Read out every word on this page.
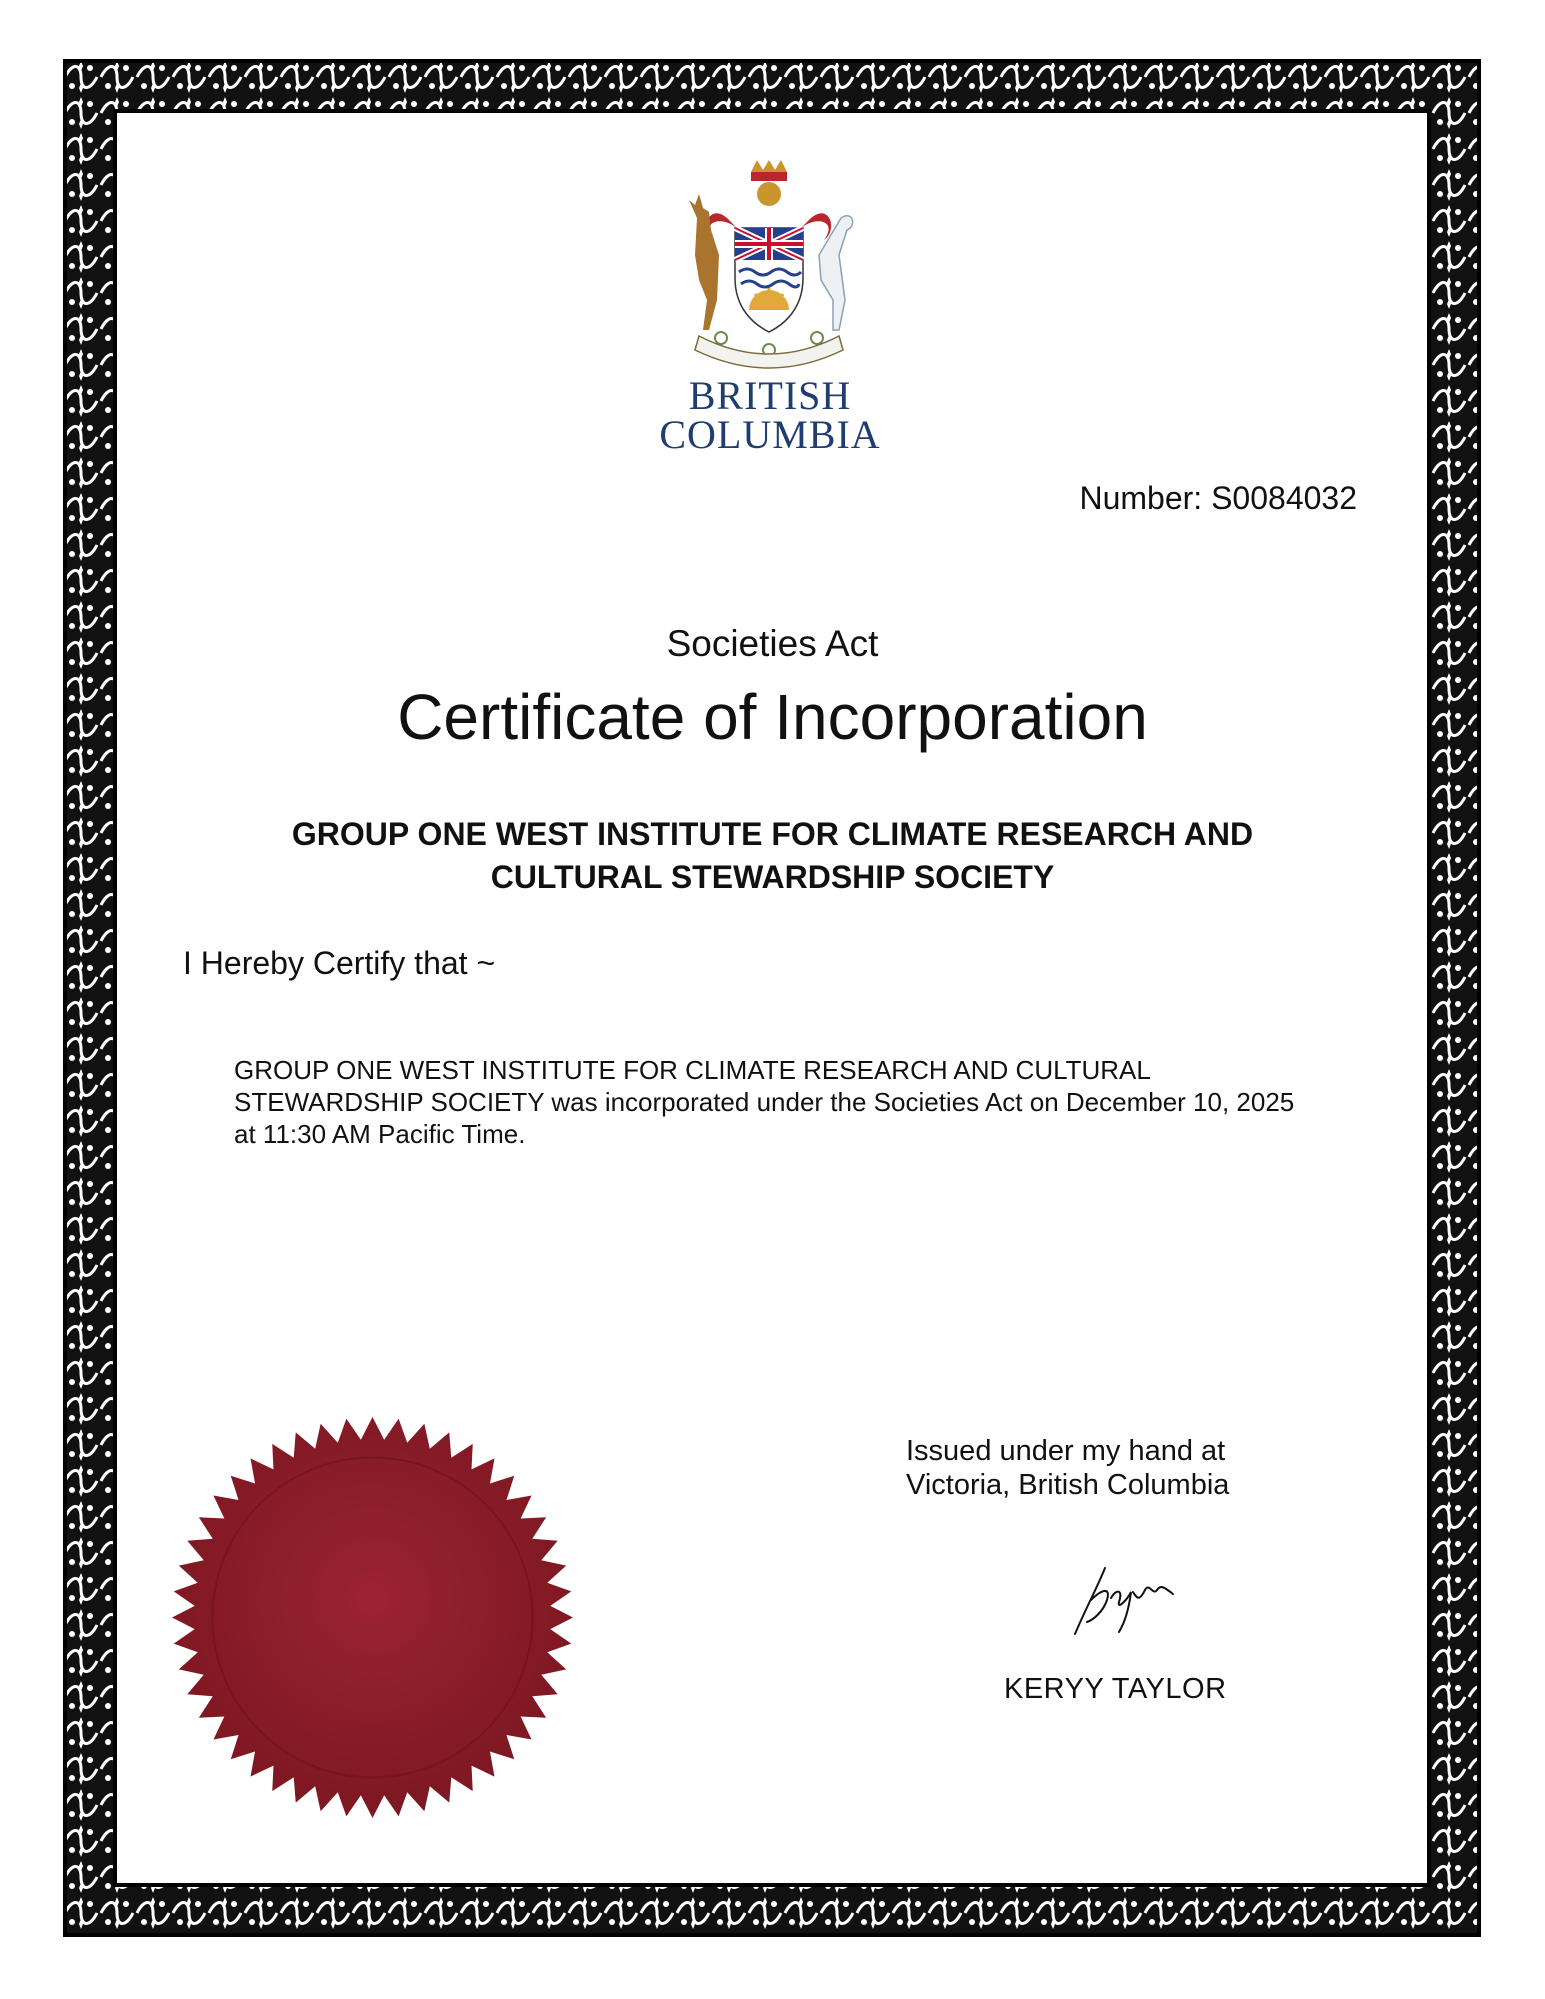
BRITISH
COLUMBIA
Number: S0084032
Societies Act
Certificate of Incorporation
GROUP ONE WEST INSTITUTE FOR CLIMATE RESEARCH AND CULTURAL STEWARDSHIP SOCIETY
I Hereby Certify that ~
GROUP ONE WEST INSTITUTE FOR CLIMATE RESEARCH AND CULTURAL STEWARDSHIP SOCIETY was incorporated under the Societies Act on December 10, 2025 at 11:30 AM Pacific Time.
Issued under my hand at
Victoria, British Columbia
KERYY TAYLOR
